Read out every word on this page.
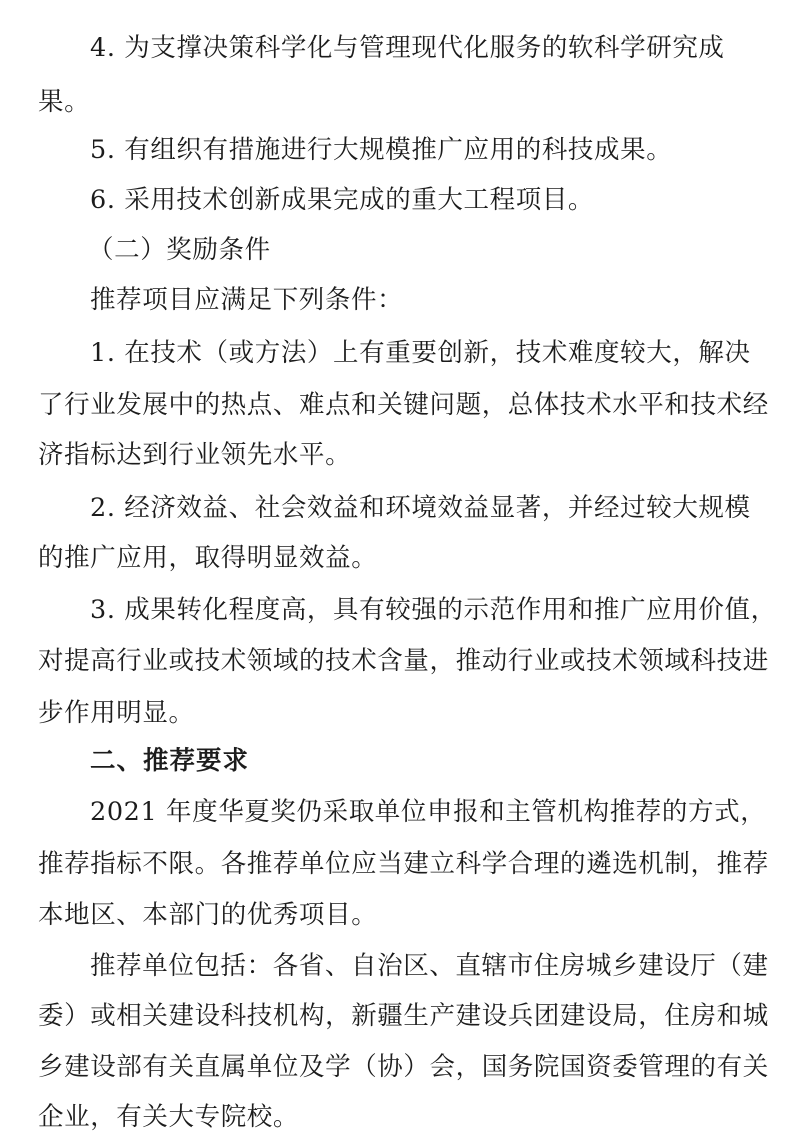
4. 为支撑决策科学化与管理现代化服务的软科学研究成
果。
5. 有组织有措施进行大规模推广应用的科技成果。
6. 采用技术创新成果完成的重大工程项目。
（二）奖励条件
推荐项目应满足下列条件：
1. 在技术（或方法）上有重要创新，技术难度较大，解决
了行业发展中的热点、难点和关键问题，总体技术水平和技术经
济指标达到行业领先水平。
2. 经济效益、社会效益和环境效益显著，并经过较大规模
的推广应用，取得明显效益。
3. 成果转化程度高，具有较强的示范作用和推广应用价值，
对提高行业或技术领域的技术含量，推动行业或技术领域科技进
步作用明显。
二、推荐要求
2021 年度华夏奖仍采取单位申报和主管机构推荐的方式，
推荐指标不限。各推荐单位应当建立科学合理的遴选机制，推荐
本地区、本部门的优秀项目。
推荐单位包括：各省、自治区、直辖市住房城乡建设厅（建
委）或相关建设科技机构，新疆生产建设兵团建设局，住房和城
乡建设部有关直属单位及学（协）会，国务院国资委管理的有关
企业，有关大专院校。
